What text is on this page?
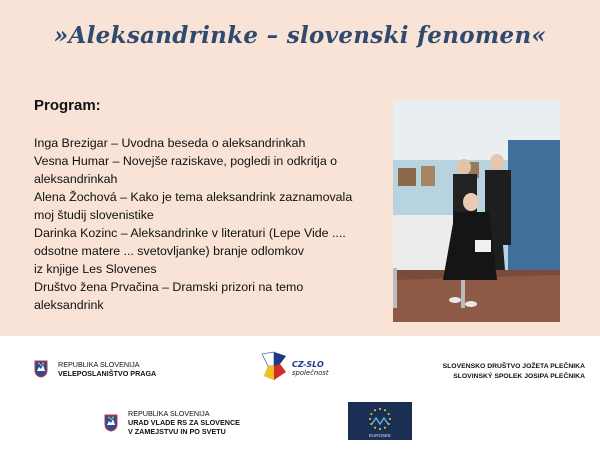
»Aleksandrinke – slovenski fenomen«
Program:
Inga Brezigar – Uvodna beseda o aleksandrinkah
Vesna Humar – Novejše raziskave, pogledi in odkritja o
aleksandrinkah
Alena Žochová – Kako je tema aleksandrink zaznamovala
moj študij slovenistike
Darinka Kozinc – Aleksandrinke v literaturi (Lepe Vide ....
odsotne matere ... svetovljanke) branje odlomkov
iz knjige Les Slovenes
Društvo žena Prvačina – Dramski prizori na temo
aleksandrink
REPUBLIKA SLOVENIJA
VELEPOSLANIŠTVO PRAGA
CZ-SLO
společnost
SLOVENSKO DRUŠTVO JOŽETA PLEČNIKA
SLOVINSKÝ SPOLEK JOSIPA PLEČNIKA
REPUBLIKA SLOVENIJA
URAD VLADE RS ZA SLOVENCE
V ZAMEJSTVU IN PO SVETU	EUROSEE
